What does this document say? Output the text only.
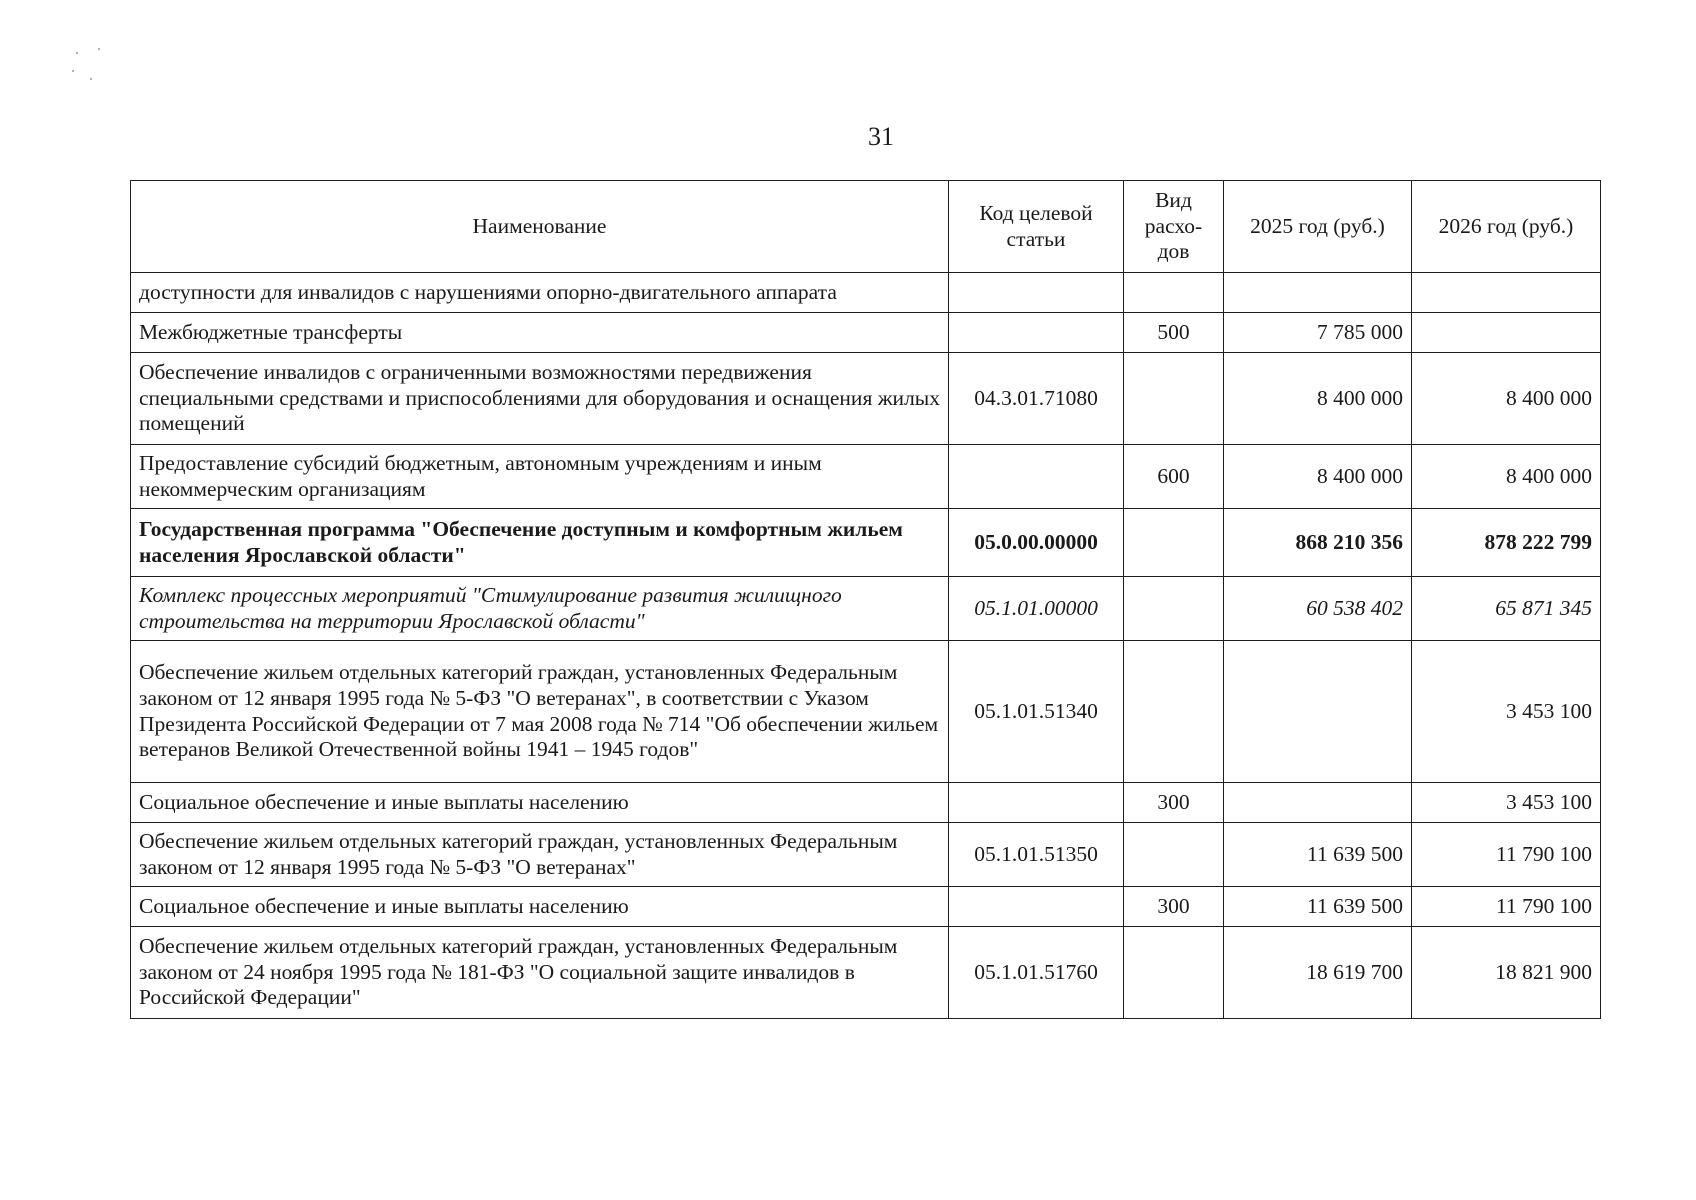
31
Наименование	Код целевой статьи	Вид расхо- дов	2025 год (руб.)	2026 год (руб.)
доступности для инвалидов с нарушениями опорно-двигательного аппарата				
Межбюджетные трансферты		500	7 785 000	
Обеспечение инвалидов с ограниченными возможностями передвижения специальными средствами и приспособлениями для оборудования и оснащения жилых помещений	04.3.01.71080		8 400 000	8 400 000
Предоставление субсидий бюджетным, автономным учреждениям и иным некоммерческим организациям		600	8 400 000	8 400 000
Государственная программа "Обеспечение доступным и комфортным жильем населения Ярославской области"	05.0.00.00000		868 210 356	878 222 799
Комплекс процессных мероприятий "Стимулирование развития жилищного строительства на территории Ярославской области"	05.1.01.00000		60 538 402	65 871 345
Обеспечение жильем отдельных категорий граждан, установленных Федеральным законом от 12 января 1995 года № 5-ФЗ "О ветеранах", в соответствии с Указом Президента Российской Федерации от 7 мая 2008 года № 714 "Об обеспечении жильем ветеранов Великой Отечественной войны 1941 – 1945 годов"	05.1.01.51340			3 453 100
Социальное обеспечение и иные выплаты населению		300		3 453 100
Обеспечение жильем отдельных категорий граждан, установленных Федеральным законом от 12 января 1995 года № 5-ФЗ "О ветеранах"	05.1.01.51350		11 639 500	11 790 100
Социальное обеспечение и иные выплаты населению		300	11 639 500	11 790 100
Обеспечение жильем отдельных категорий граждан, установленных Федеральным законом от 24 ноября 1995 года № 181-ФЗ "О социальной защите инвалидов в Российской Федерации"	05.1.01.51760		18 619 700	18 821 900
